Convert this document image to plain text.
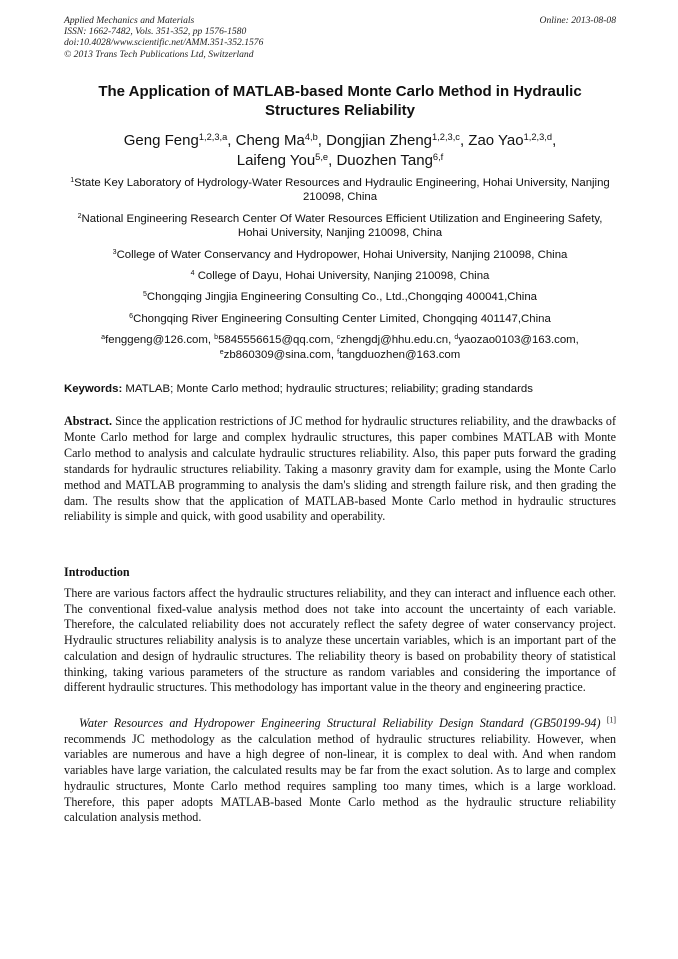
Applied Mechanics and Materials
ISSN: 1662-7482, Vols. 351-352, pp 1576-1580
doi:10.4028/www.scientific.net/AMM.351-352.1576
© 2013 Trans Tech Publications Ltd, Switzerland
Online: 2013-08-08
The Application of MATLAB-based Monte Carlo Method in Hydraulic Structures Reliability
Geng Feng$^{1,2,3,a}$, Cheng Ma$^{4,b}$, Dongjian Zheng$^{1,2,3,c}$, Zao Yao$^{1,2,3,d}$,
Laifeng You$^{5,e}$, Duozhen Tang$^{6,f}$

$^1$State Key Laboratory of Hydrology-Water Resources and Hydraulic Engineering, Hohai University, Nanjing 210098, China

$^2$National Engineering Research Center Of Water Resources Efficient Utilization and Engineering Safety, Hohai University, Nanjing 210098, China

$^3$College of Water Conservancy and Hydropower, Hohai University, Nanjing 210098, China

$^4$ College of Dayu, Hohai University, Nanjing 210098, China

$^5$Chongqing Jingjia Engineering Consulting Co., Ltd.,Chongqing 400041,China

$^6$Chongqing River Engineering Consulting Center Limited, Chongqing 401147,China

$^a$fenggeng@126.com, $^b$5845556615@qq.com, $^c$zhengdj@hhu.edu.cn, $^d$yaozao0103@163.com,
$^e$zb860309@sina.com, $^f$tangduozhen@163.com

Keywords: MATLAB; Monte Carlo method; hydraulic structures; reliability; grading standards
Abstract. Since the application restrictions of JC method for hydraulic structures reliability, and the drawbacks of Monte Carlo method for large and complex hydraulic structures, this paper combines MATLAB with Monte Carlo method to analysis and calculate hydraulic structures reliability. Also, this paper puts forward the grading standards for hydraulic structures reliability. Taking a masonry gravity dam for example, using the Monte Carlo method and MATLAB programming to analysis the dam's sliding and strength failure risk, and then grading the dam. The results show that the application of MATLAB-based Monte Carlo method in hydraulic structures reliability is simple and quick, with good usability and operability.
Introduction
There are various factors affect the hydraulic structures reliability, and they can interact and influence each other. The conventional fixed-value analysis method does not take into account the uncertainty of each variable. Therefore, the calculated reliability does not accurately reflect the safety degree of water conservancy project. Hydraulic structures reliability analysis is to analyze these uncertain variables, which is an important part of the calculation and design of hydraulic structures. The reliability theory is based on probability theory of statistical thinking, taking various parameters of the structure as random variables and considering the importance of different hydraulic structures. This methodology has important value in the theory and engineering practice.
Water Resources and Hydropower Engineering Structural Reliability Design Standard (GB50199-94) [1] recommends JC methodology as the calculation method of hydraulic structures reliability. However, when variables are numerous and have a high degree of non-linear, it is complex to deal with. And when random variables have large variation, the calculated results may be far from the exact solution. As to large and complex hydraulic structures, Monte Carlo method requires sampling too many times, which is a large workload. Therefore, this paper adopts MATLAB-based Monte Carlo method as the hydraulic structure reliability calculation analysis method.
